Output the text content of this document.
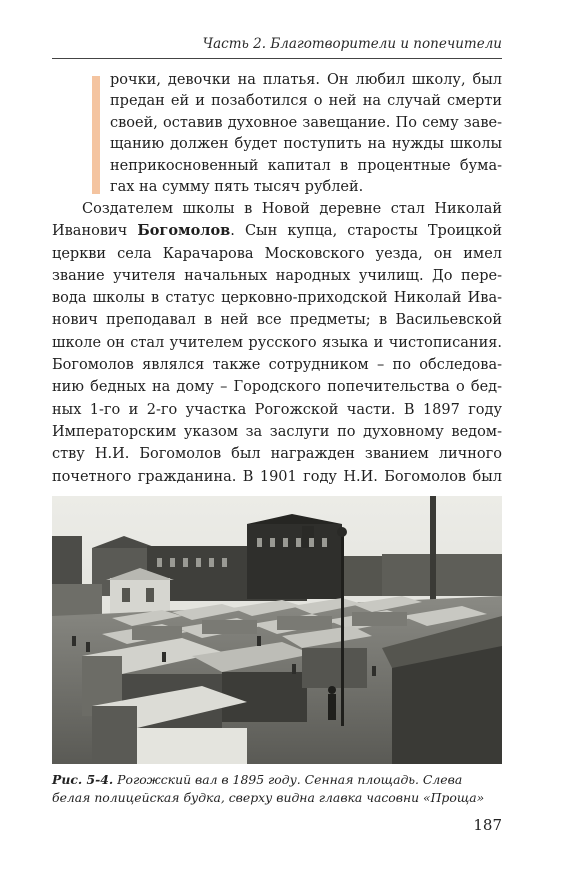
Часть 2. Благотворители и попечители
рочки, девочки на платья. Он любил школу, был
предан ей и позаботился о ней на случай смерти
своей, оставив духовное завещание. По сему заве-
щанию должен будет поступить на нужды школы
неприкосновенный капитал в процентные бума-
гах на сумму пять тысяч рублей.
Создателем школы в Новой деревне стал Николай
Иванович Богомолов. Сын купца, старосты Троицкой
церкви села Карачарова Московского уезда, он имел
звание учителя начальных народных училищ. До пере-
вода школы в статус церковно-приходской Николай Ива-
нович преподавал в ней все предметы; в Васильевской
школе он стал учителем русского языка и чистописания.
Богомолов являлся также сотрудником – по обследова-
нию бедных на дому – Городского попечительства о бед-
ных 1-го и 2-го участка Рогожской части. В 1897 году
Императорским указом за заслуги по духовному ведом-
ству Н.И. Богомолов был награжден званием личного
почетного гражданина. В 1901 году Н.И. Богомолов был
Рис. 5-4. Рогожский вал в 1895 году. Сенная площадь. Слева белая полицейская будка, сверху видна главка часовни «Проща»
187
